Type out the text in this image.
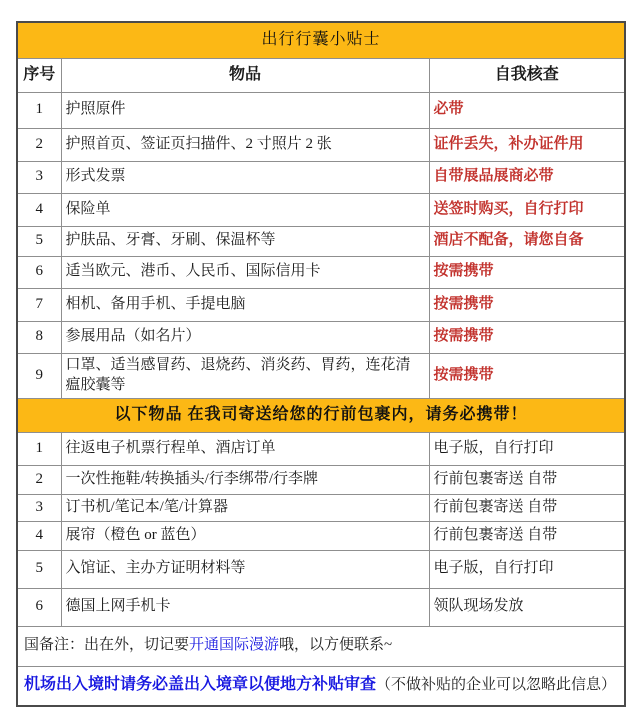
出行行囊小贴士		
序号	物品	自我核查
1	护照原件	必带
2	护照首页、签证页扫描件、2 寸照片 2 张	证件丢失，补办证件用
3	形式发票	自带展品展商必带
4	保险单	送签时购买，自行打印
5	护肤品、牙膏、牙刷、保温杯等	酒店不配备，请您自备
6	适当欧元、港币、人民币、国际信用卡	按需携带
7	相机、备用手机、手提电脑	按需携带
8	参展用品（如名片）	按需携带
9	口罩、适当感冒药、退烧药、消炎药、胃药，连花清瘟胶囊等	按需携带
以下物品 在我司寄送给您的行前包裹内，请务必携带！		
1	往返电子机票行程单、酒店订单	电子版，自行打印
2	一次性拖鞋/转换插头/行李绑带/行李牌	行前包裹寄送 自带
3	订书机/笔记本/笔/计算器	行前包裹寄送 自带
4	展帘（橙色 or 蓝色）	行前包裹寄送 自带
5	入馆证、主办方证明材料等	电子版，自行打印
6	德国上网手机卡	领队现场发放
国备注：出在外，切记要开通国际漫游哦，以方便联系~		
机场出入境时请务必盖出入境章以便地方补贴审查（不做补贴的企业可以忽略此信息）		
